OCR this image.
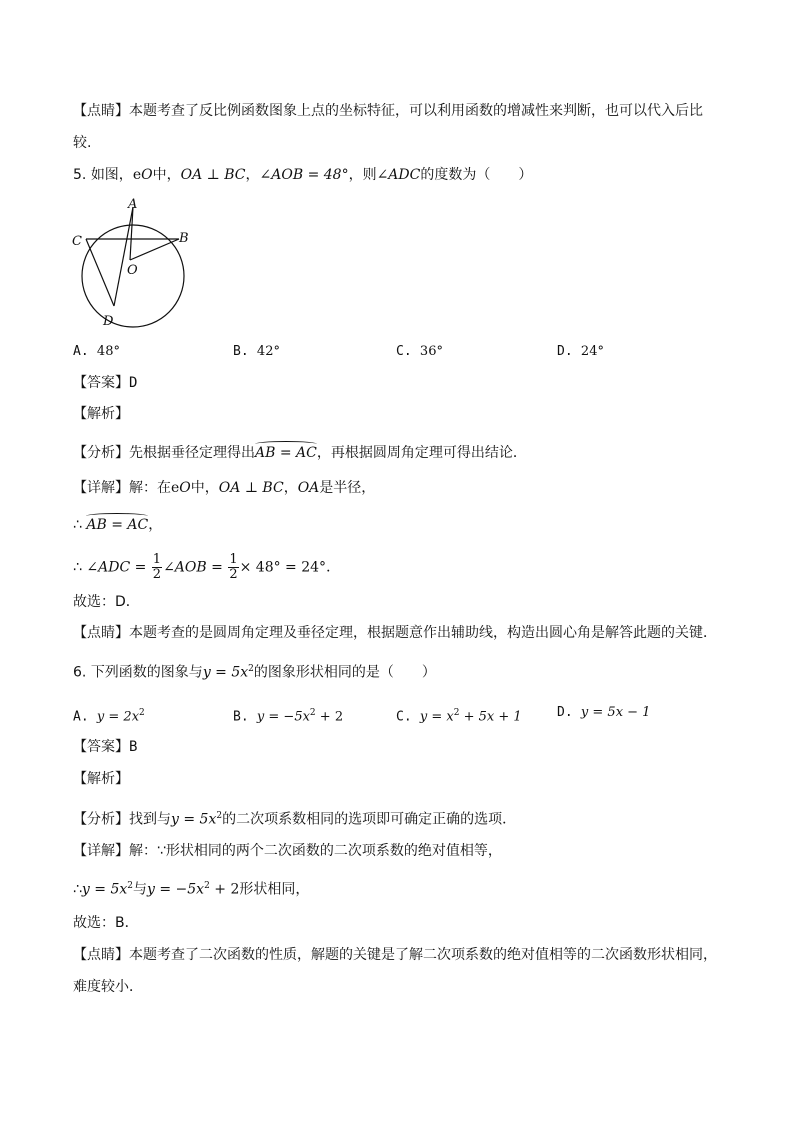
【点睛】本题考查了反比例函数图象上点的坐标特征，可以利用函数的增减性来判断，也可以代入后比
较.
5. 如图，eO中，OA ⊥ BC，∠AOB = 48°，则∠ADC的度数为（　　）
A
B
C
D
O
A. 48°	B. 42°	C. 36°	D. 24°
【答案】D
【解析】
【分析】先根据垂径定理得出AB = AC，再根据圆周角定理可得出结论．
【详解】解：在eO中，OA ⊥ BC，OA是半径，
∴ AB = AC，
∴ ∠ADC = $\frac{1}{2}$ ∠AOB = $\frac{1}{2} \times 48^\circ = 24^\circ$．
故选：D．
【点睛】本题考查的是圆周角定理及垂径定理，根据题意作出辅助线，构造出圆心角是解答此题的关键．
6. 下列函数的图象与$y = 5x^2$的图象形状相同的是（　　）
A. $y = 2x^2$	B. $y = -5x^2 + 2$	C. $y = x^2 + 5x + 1$	D. y = 5x − 1
【答案】B
【解析】
【分析】找到与$y = 5x^2$的二次项系数相同的选项即可确定正确的选项．
【详解】解：∵形状相同的两个二次函数的二次项系数的绝对值相等，
∴y = $5x^2$与$y = -5x^2 + 2$形状相同，
故选：B．
【点睛】本题考查了二次函数的性质，解题的关键是了解二次项系数的绝对值相等的二次函数形状相同，
难度较小．
